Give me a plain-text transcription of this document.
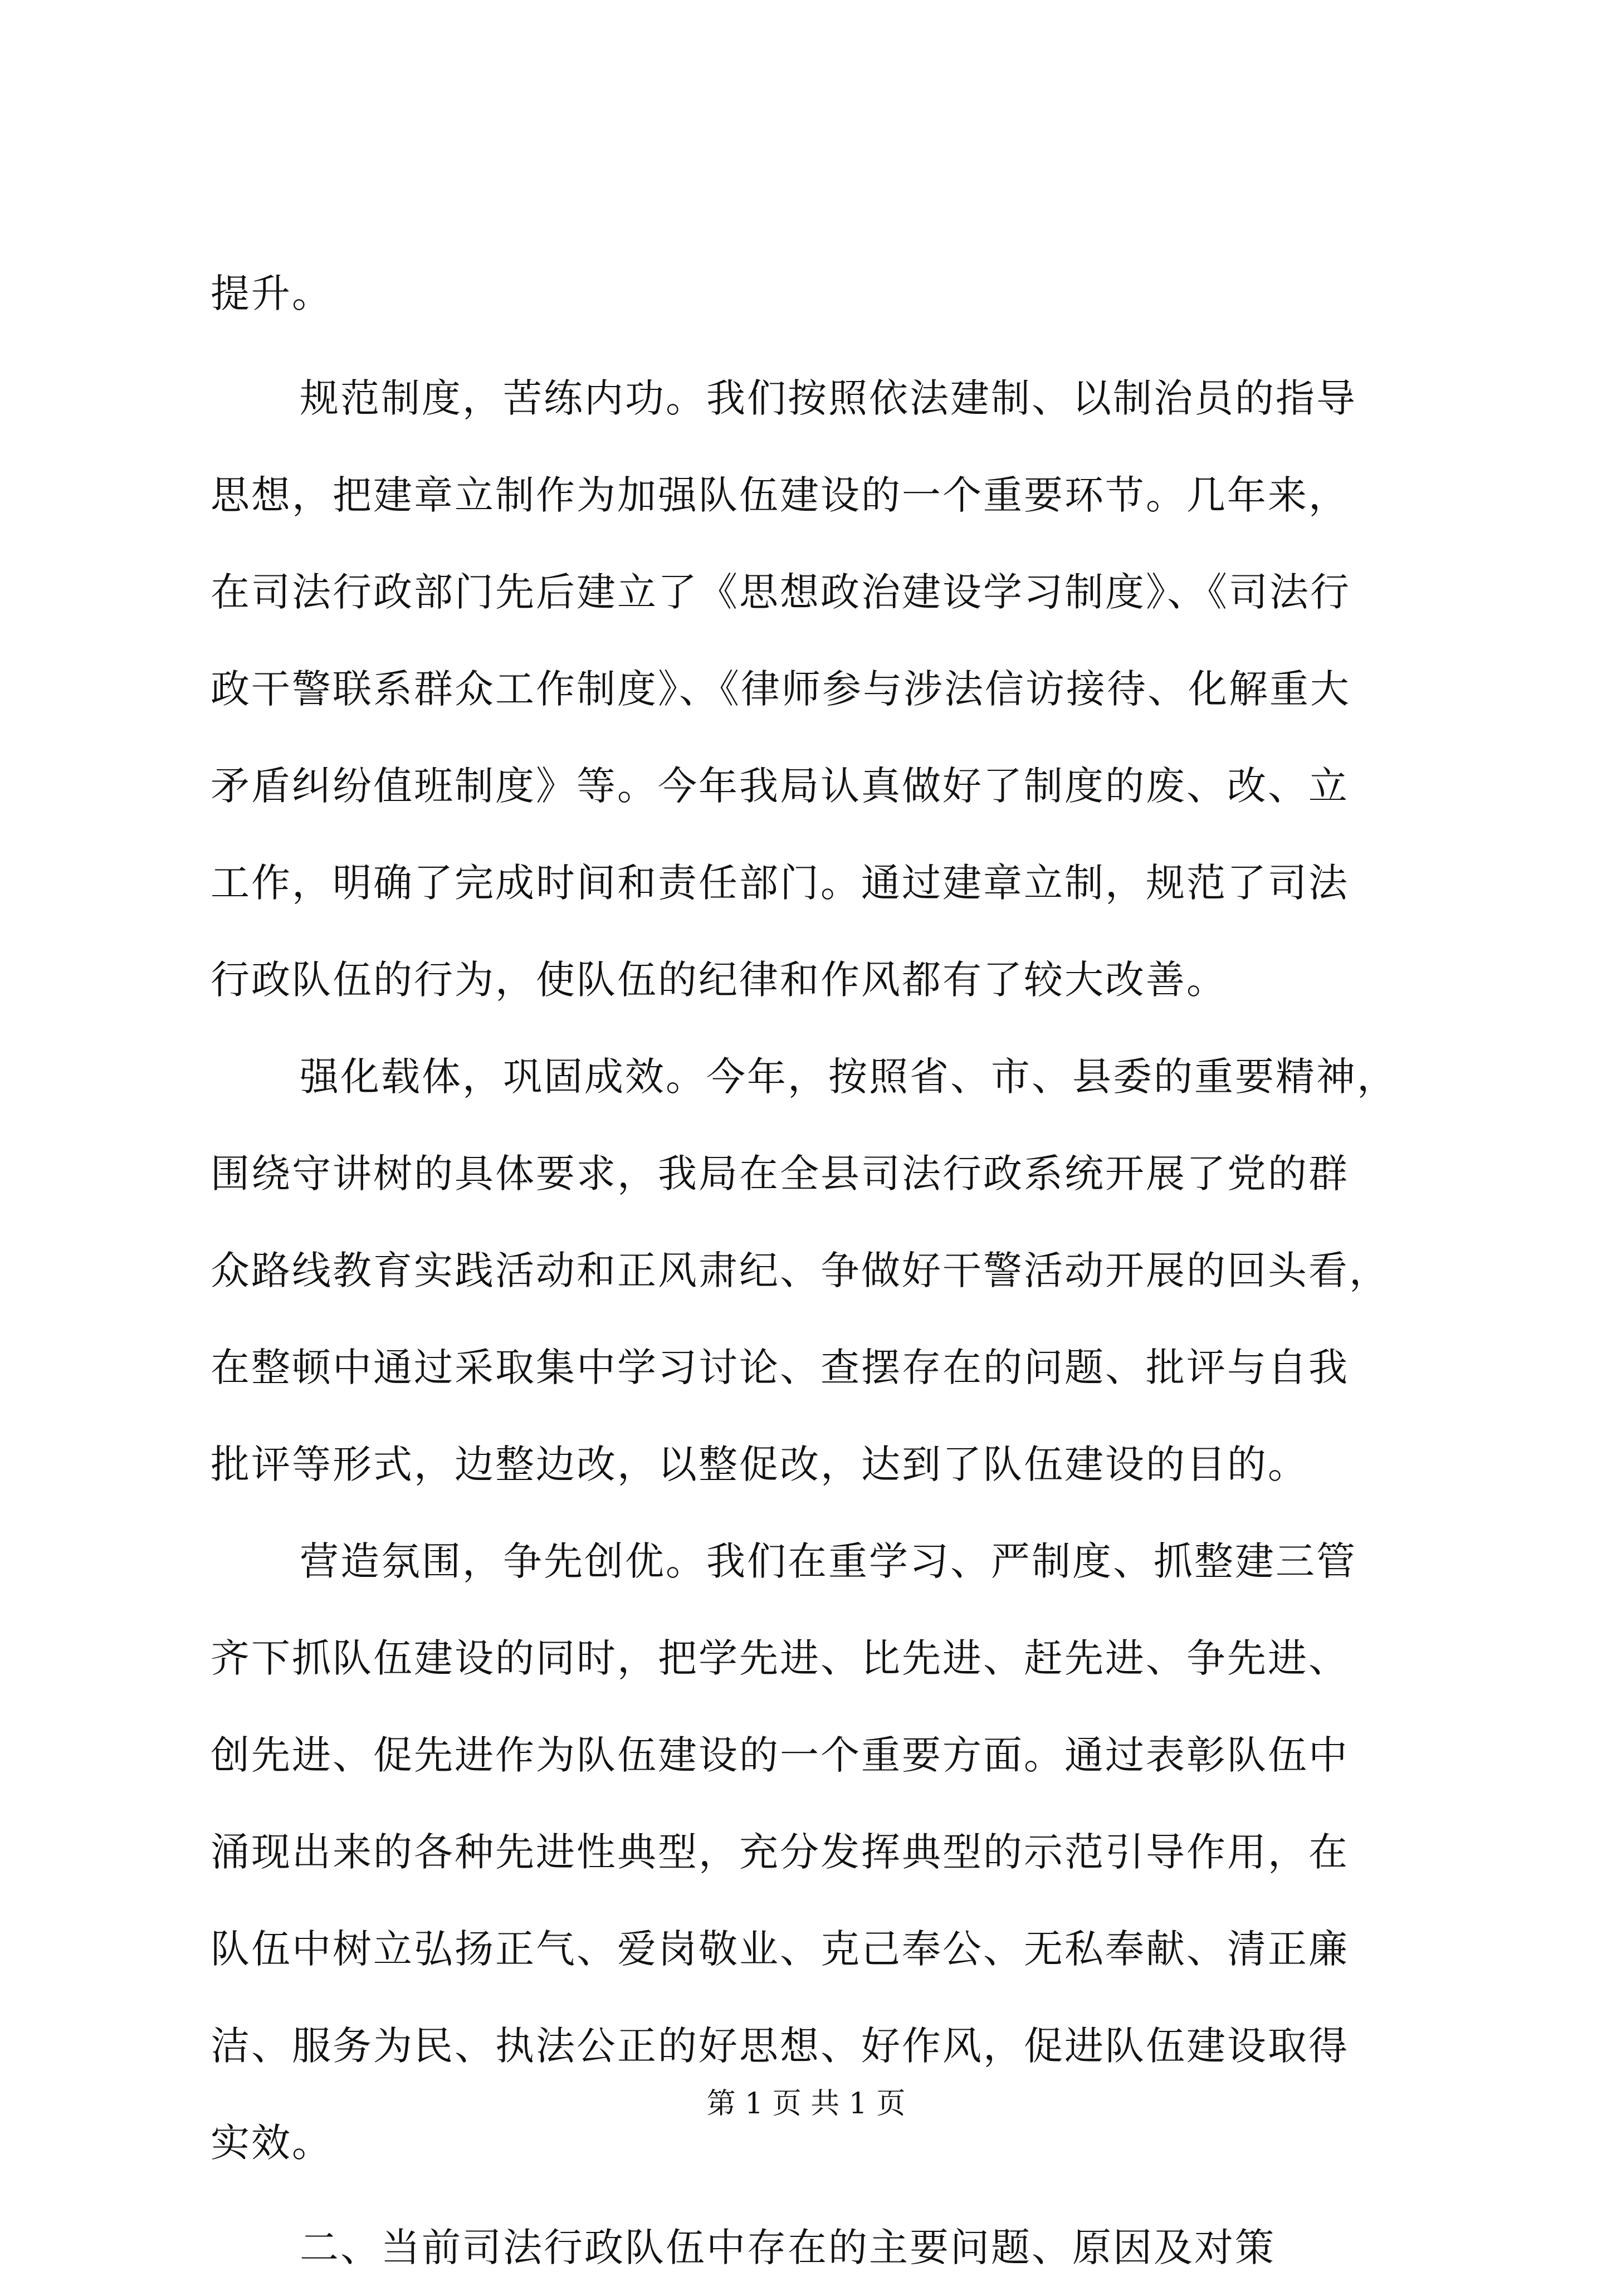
提升。
规范制度，苦练内功。我们按照依法建制、以制治员的指导
思想，把建章立制作为加强队伍建设的一个重要环节。几年来，
在司法行政部门先后建立了《思想政治建设学习制度》、《司法行
政干警联系群众工作制度》、《律师参与涉法信访接待、化解重大
矛盾纠纷值班制度》等。今年我局认真做好了制度的废、改、立
工作，明确了完成时间和责任部门。通过建章立制，规范了司法
行政队伍的行为，使队伍的纪律和作风都有了较大改善。
强化载体，巩固成效。今年，按照省、市、县委的重要精神，
围绕守讲树的具体要求，我局在全县司法行政系统开展了党的群
众路线教育实践活动和正风肃纪、争做好干警活动开展的回头看，
在整顿中通过采取集中学习讨论、查摆存在的问题、批评与自我
批评等形式，边整边改，以整促改，达到了队伍建设的目的。
营造氛围，争先创优。我们在重学习、严制度、抓整建三管
齐下抓队伍建设的同时，把学先进、比先进、赶先进、争先进、
创先进、促先进作为队伍建设的一个重要方面。通过表彰队伍中
涌现出来的各种先进性典型，充分发挥典型的示范引导作用，在
队伍中树立弘扬正气、爱岗敬业、克己奉公、无私奉献、清正廉
洁、服务为民、执法公正的好思想、好作风，促进队伍建设取得
实效。
二、当前司法行政队伍中存在的主要问题、原因及对策
第 1 页 共 1 页
